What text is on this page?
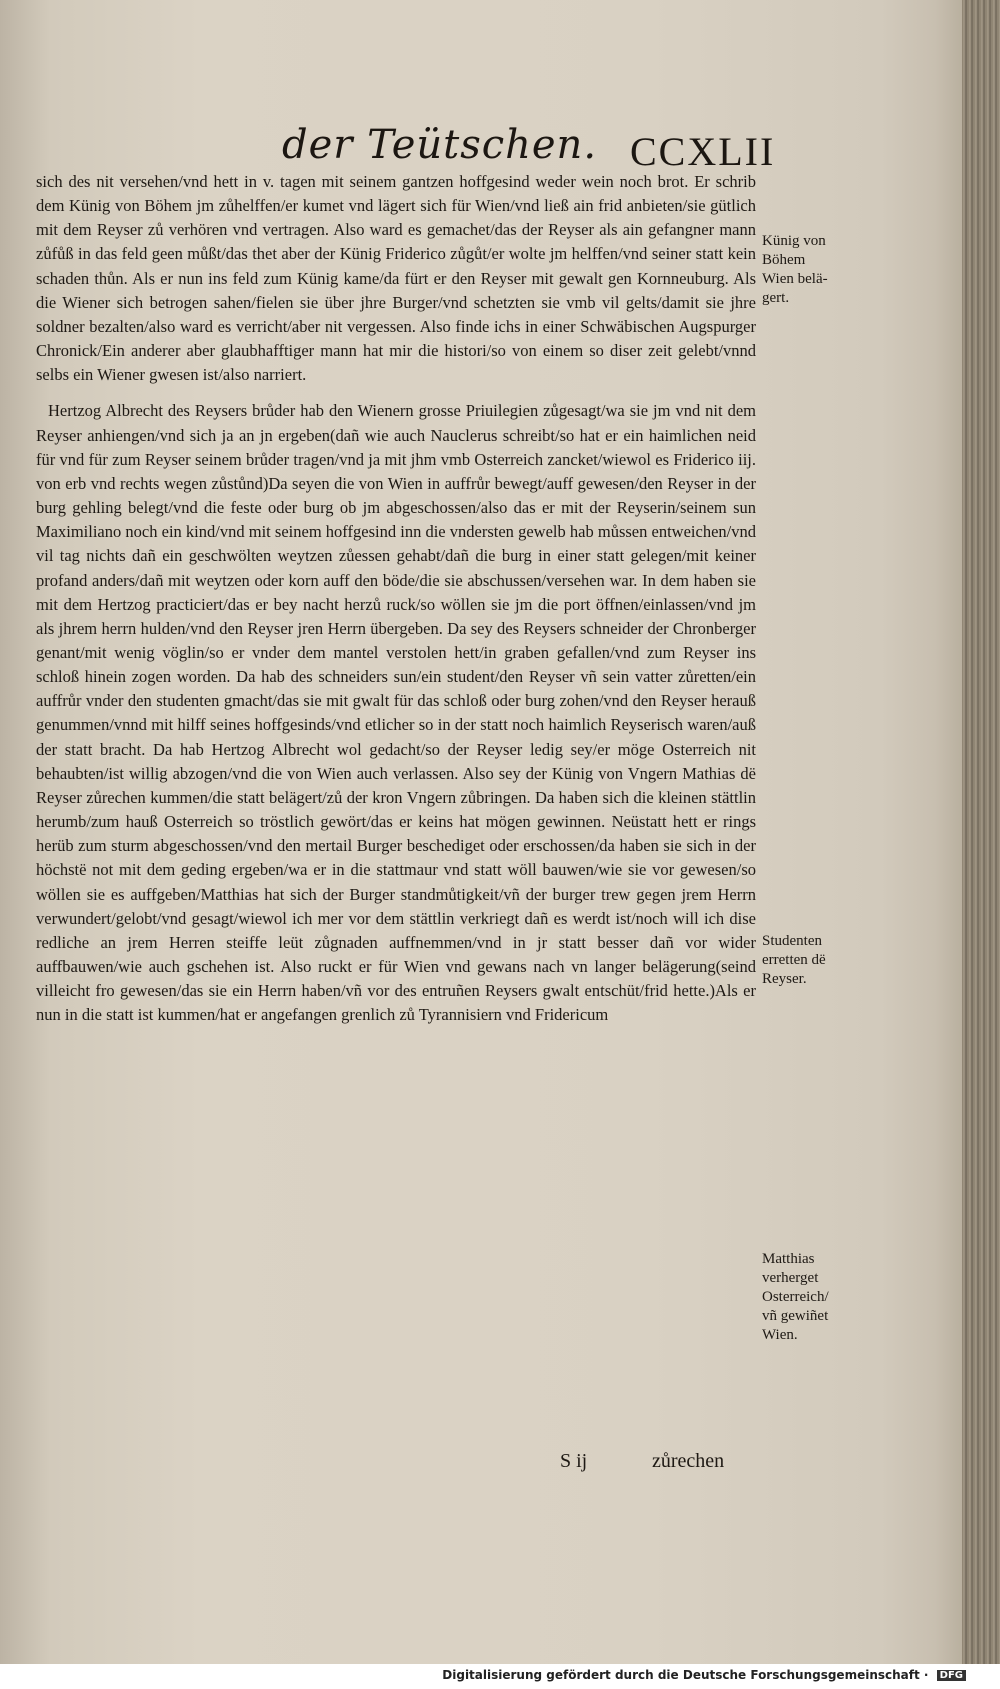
der Teütschen. CCXLII

sich des nit versehen/vnd hett in v. tagen mit seinem gantzen hoffgesind weder wein noch brot. Er schrib dem Künig von Böhem jm zůhelffen/er kumet vnd lägert sich für Wien/vnd ließ ain frid anbieten/sie gütlich mit dem Reyser zů verhören vnd vertragen. Also ward es gemachet/das der Reyser als ain gefangner mann zůfůß in das feld geen můßt/das thet aber der Künig Friderico zůgůt/er wolte jm helffen/vnd seiner statt kein schaden thůn. Als er nun ins feld zum Künig kame/da fürt er den Reyser mit gewalt gen Kornneuburg. Als die Wiener sich betrogen sahen/fielen sie über jhre Burger/vnd schetzten sie vmb vil gelts/damit sie jhre soldner bezalten/also ward es verricht/aber nit vergessen. Also finde ichs in einer Schwäbischen Augspurger Chronick/Ein anderer aber glaubhafftiger mann hat mir die histori/so von einem so diser zeit gelebt/vnnd selbs ein Wiener gwesen ist/also narriert.

Hertzog Albrecht des Reysers brůder hab den Wienern grosse Priuilegien zůgesagt/wa sie jm vnd nit dem Reyser anhiengen/vnd sich ja an jn ergeben(dañ wie auch Nauclerus schreibt/so hat er ein haimlichen neid für vnd für zum Reyser seinem brůder tragen/vnd ja mit jhm vmb Osterreich zancket/wiewol es Friderico iij. von erb vnd rechts wegen zůstůnd)Da seyen die von Wien in auffrůr bewegt/auff gewesen/den Reyser in der burg gehling belegt/vnd die feste oder burg ob jm abgeschossen/also das er mit der Reyserin/seinem sun Maximiliano noch ein kind/vnd mit seinem hoffgesind inn die vndersten gewelb hab můssen entweichen/vnd vil tag nichts dañ ein geschwölten weytzen zůessen gehabt/dañ die burg in einer statt gelegen/mit keiner profand anders/dañ mit weytzen oder korn auff den böde/die sie abschussen/versehen war. In dem haben sie mit dem Hertzog practiciert/das er bey nacht herzů ruck/so wöllen sie jm die port öffnen/einlassen/vnd jm als jhrem herrn hulden/vnd den Reyser jren Herrn übergeben. Da sey des Reysers schneider der Chronberger genant/mit wenig vöglin/so er vnder dem mantel verstolen hett/in graben gefallen/vnd zum Reyser ins schloß hinein zogen worden. Da hab des schneiders sun/ein student/den Reyser vñ sein vatter zůretten/ein auffrůr vnder den studenten gmacht/das sie mit gwalt für das schloß oder burg zohen/vnd den Reyser herauß genummen/vnnd mit hilff seines hoffgesinds/vnd etlicher so in der statt noch haimlich Reyserisch waren/auß der statt bracht. Da hab Hertzog Albrecht wol gedacht/so der Reyser ledig sey/er möge Osterreich nit behaubten/ist willig abzogen/vnd die von Wien auch verlassen. Also sey der Künig von Vngern Mathias dë Reyser zůrechen kummen/die statt belägert/zů der kron Vngern zůbringen. Da haben sich die kleinen stättlin herumb/zum hauß Osterreich so tröstlich gewört/das er keins hat mögen gewinnen. Neüstatt hett er rings herüb zum sturm abgeschossen/vnd den mertail Burger beschediget oder erschossen/da haben sie sich in der höchstë not mit dem geding ergeben/wa er in die stattmaur vnd statt wöll bauwen/wie sie vor gewesen/so wöllen sie es auffgeben/Matthias hat sich der Burger standmůtigkeit/vñ der burger trew gegen jrem Herrn verwundert/gelobt/vnd gesagt/wiewol ich mer vor dem stättlin verkriegt dañ es werdt ist/noch will ich dise redliche an jrem Herren steiffe leüt zůgnaden auffnemmen/vnd in jr statt besser dañ vor wider auffbauwen/wie auch gschehen ist. Also ruckt er für Wien vnd gewans nach vn langer belägerung(seind villeicht fro gewesen/das sie ein Herrn haben/vñ vor des entruñen Reysers gwalt entschüt/frid hette.)Als er nun in die statt ist kummen/hat er angefangen grenlich zů Tyrannisiern vnd Fridericum

S ij	zůrechen

Künig von

Böhem

Wien belä-

gert.

Studenten

erretten dë

Reyser.

Matthias

verherget

Osterreich/

vñ gewiñet

Wien.

Digitalisierung gefördert durch die Deutsche Forschungsgemeinschaft · DFG
